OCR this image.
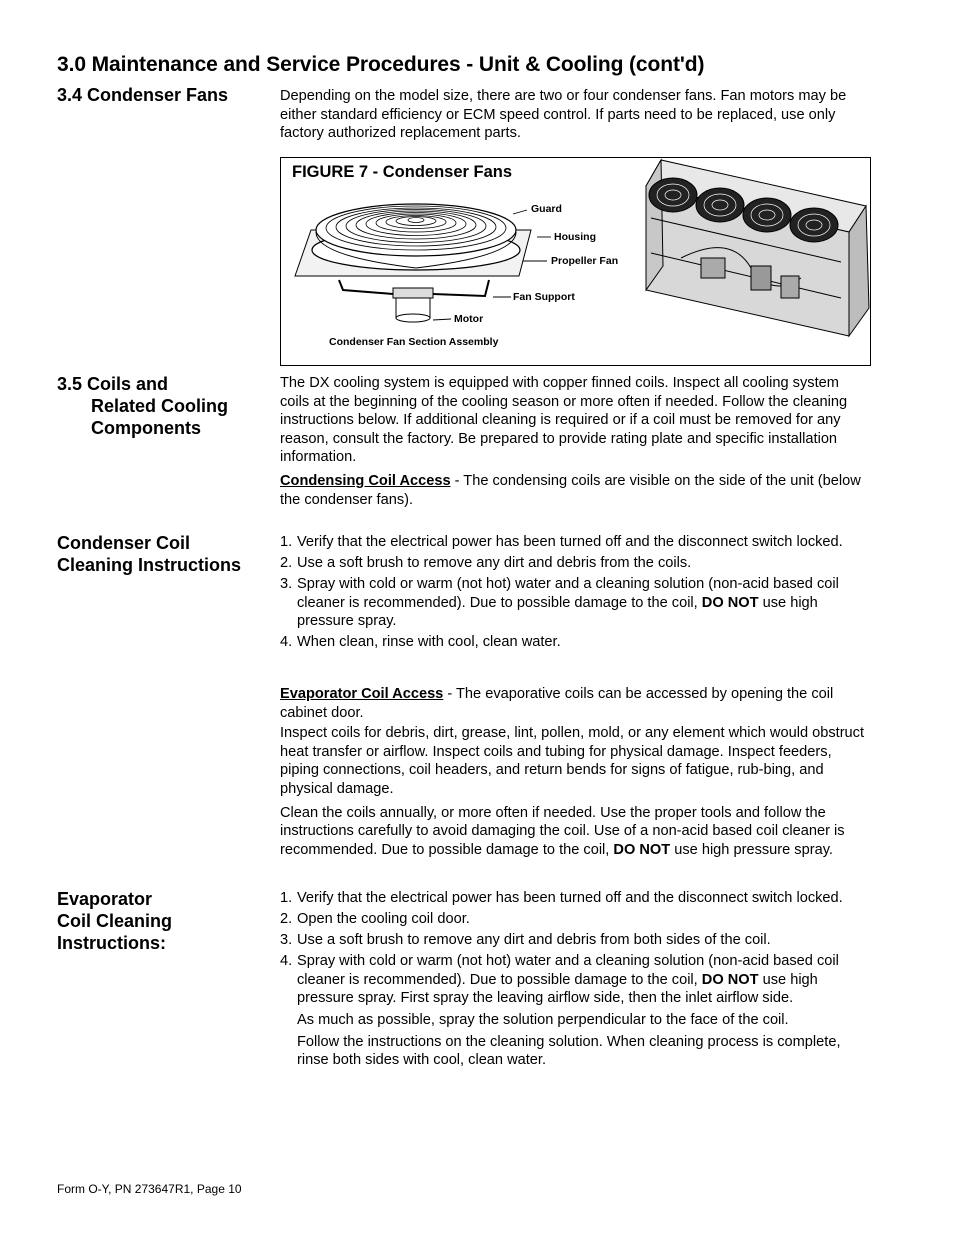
3.0 Maintenance and Service Procedures - Unit & Cooling (cont'd)
3.4 Condenser Fans	Depending on the model size, there are two or four condenser fans. Fan motors may be either standard efficiency or ECM speed control. If parts need to be replaced, use only factory authorized replacement parts.

FIGURE 7 - Condenser Fans
Guard
Housing
Propeller Fan
Fan Support
Motor
Condenser Fan Section Assembly
3.5 Coils and
Related Cooling
Components

The DX cooling system is equipped with copper finned coils. Inspect all cooling system coils at the beginning of the cooling season or more often if needed. Follow the cleaning instructions below. If additional cleaning is required or if a coil must be removed for any reason, consult the factory. Be prepared to provide rating plate and specific installation information.

Condensing Coil Access - The condensing coils are visible on the side of the unit (below the condenser fans).

Condenser Coil
Cleaning Instructions
1. Verify that the electrical power has been turned off and the disconnect switch locked.

2. Use a soft brush to remove any dirt and debris from the coils.

3. Spray with cold or warm (not hot) water and a cleaning solution (non-acid based coil cleaner is recommended). Due to possible damage to the coil, DO NOT use high pressure spray.

4. When clean, rinse with cool, clean water.

Evaporator Coil Access - The evaporative coils can be accessed by opening the coil cabinet door.

Inspect coils for debris, dirt, grease, lint, pollen, mold, or any element which would obstruct heat transfer or airflow. Inspect coils and tubing for physical damage. Inspect feeders, piping connections, coil headers, and return bends for signs of fatigue, rub-bing, and physical damage.

Clean the coils annually, or more often if needed. Use the proper tools and follow the instructions carefully to avoid damaging the coil. Use of a non-acid based coil cleaner is recommended. Due to possible damage to the coil, DO NOT use high pressure spray.

Evaporator
Coil Cleaning
Instructions:
1. Verify that the electrical power has been turned off and the disconnect switch locked.

2. Open the cooling coil door.

3. Use a soft brush to remove any dirt and debris from both sides of the coil.

4. Spray with cold or warm (not hot) water and a cleaning solution (non-acid based coil cleaner is recommended). Due to possible damage to the coil, DO NOT use high pressure spray. First spray the leaving airflow side, then the inlet airflow side.

As much as possible, spray the solution perpendicular to the face of the coil.

Follow the instructions on the cleaning solution. When cleaning process is complete, rinse both sides with cool, clean water.

Form O-Y, PN 273647R1, Page 10
